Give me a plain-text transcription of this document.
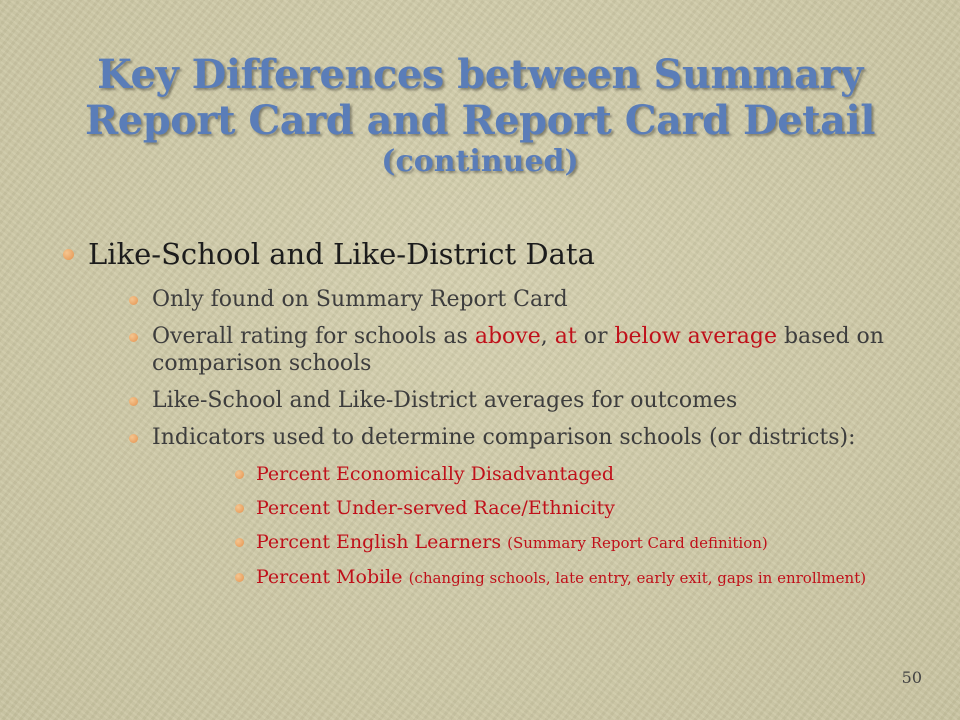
Key Differences between Summary
Report Card and Report Card Detail
(continued)
Like-School and Like-District Data
Only found on Summary Report Card
Overall rating for schools as above, at or below average based on comparison schools
Like-School and Like-District averages for outcomes
Indicators used to determine comparison schools (or districts):
Percent Economically Disadvantaged
Percent Under-served Race/Ethnicity
Percent English Learners (Summary Report Card definition)
Percent Mobile (changing schools, late entry, early exit, gaps in enrollment)
50
